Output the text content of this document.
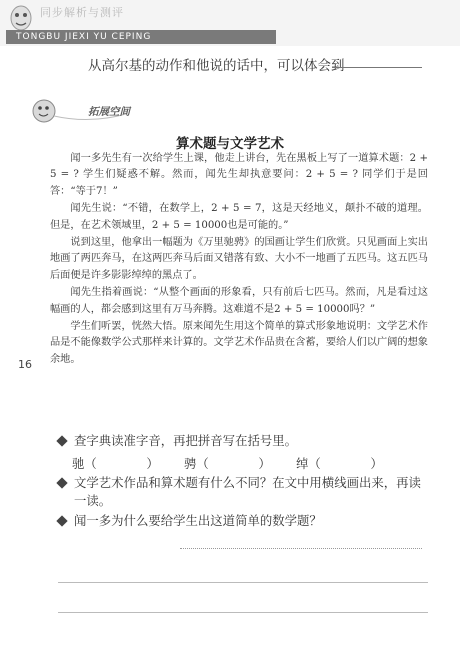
同步解析与测评
TONGBU JIEXI YU CEPING
从高尔基的动作和他说的话中，可以体会到
拓展空间
算术题与文学艺术

闻一多先生有一次给学生上课，他走上讲台，先在黑板上写了一道算术题：2 + 5 = ? 学生们疑惑不解。然而，闻先生却执意要问：2 + 5 = ? 同学们于是回答：“等于7！”

闻先生说：“不错，在数学上，2 + 5 = 7，这是天经地义，颠扑不破的道理。但是，在艺术领域里，2 + 5 = 10000也是可能的。”

说到这里，他拿出一幅题为《万里驰骋》的国画让学生们欣赏。只见画面上实出地画了两匹奔马，在这两匹奔马后面又错落有致、大小不一地画了五匹马。这五匹马后面便是许多影影绰绰的黑点了。

闻先生指着画说：“从整个画面的形象看，只有前后七匹马。然而，凡是看过这幅画的人，都会感到这里有万马奔腾。这难道不是2 + 5 = 10000吗？”

学生们听罢，恍然大悟。原来闻先生用这个简单的算式形象地说明：文学艺术作品是不能像数学公式那样来计算的。文学艺术作品贵在含蓄，要给人们以广阔的想象余地。

16
查字典读准字音，再把拼音写在括号里。
驰（　　　　）	骋（　　　　）	绰（　　　　）
文学艺术作品和算术题有什么不同？在文中用横线画出来，再读一读。
闻一多为什么要给学生出这道简单的数学题？
